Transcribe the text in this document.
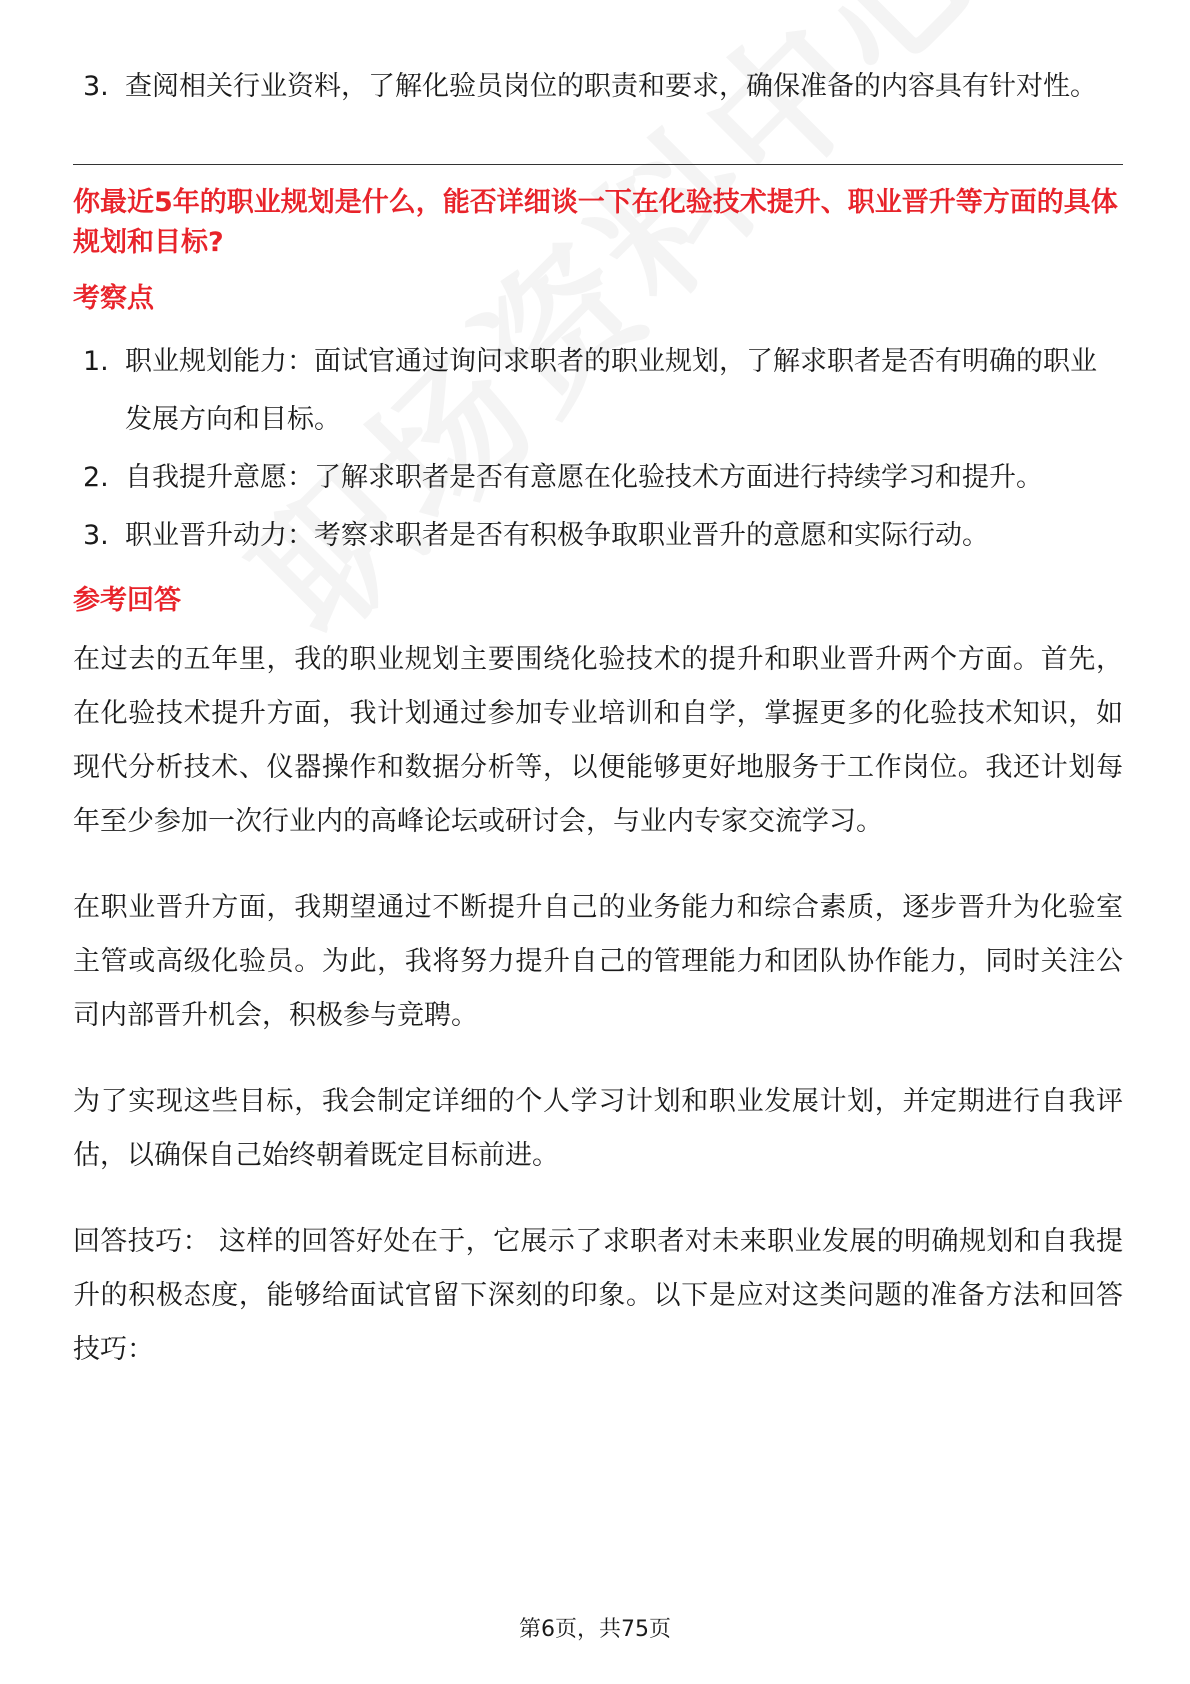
3. 查阅相关行业资料，了解化验员岗位的职责和要求，确保准备的内容具有针对性。

你最近5年的职业规划是什么，能否详细谈一下在化验技术提升、职业晋升等方面的具体规划和目标?

考察点
1. 职业规划能力：面试官通过询问求职者的职业规划，了解求职者是否有明确的职业发展方向和目标。
2. 自我提升意愿：了解求职者是否有意愿在化验技术方面进行持续学习和提升。
3. 职业晋升动力：考察求职者是否有积极争取职业晋升的意愿和实际行动。
参考回答

在过去的五年里，我的职业规划主要围绕化验技术的提升和职业晋升两个方面。首先，在化验技术提升方面，我计划通过参加专业培训和自学，掌握更多的化验技术知识，如现代分析技术、仪器操作和数据分析等，以便能够更好地服务于工作岗位。我还计划每年至少参加一次行业内的高峰论坛或研讨会，与业内专家交流学习。

在职业晋升方面，我期望通过不断提升自己的业务能力和综合素质，逐步晋升为化验室主管或高级化验员。为此，我将努力提升自己的管理能力和团队协作能力，同时关注公司内部晋升机会，积极参与竞聘。

为了实现这些目标，我会制定详细的个人学习计划和职业发展计划，并定期进行自我评估，以确保自己始终朝着既定目标前进。

回答技巧： 这样的回答好处在于，它展示了求职者对未来职业发展的明确规划和自我提升的积极态度，能够给面试官留下深刻的印象。以下是应对这类问题的准备方法和回答技巧：

第6页，共75页
